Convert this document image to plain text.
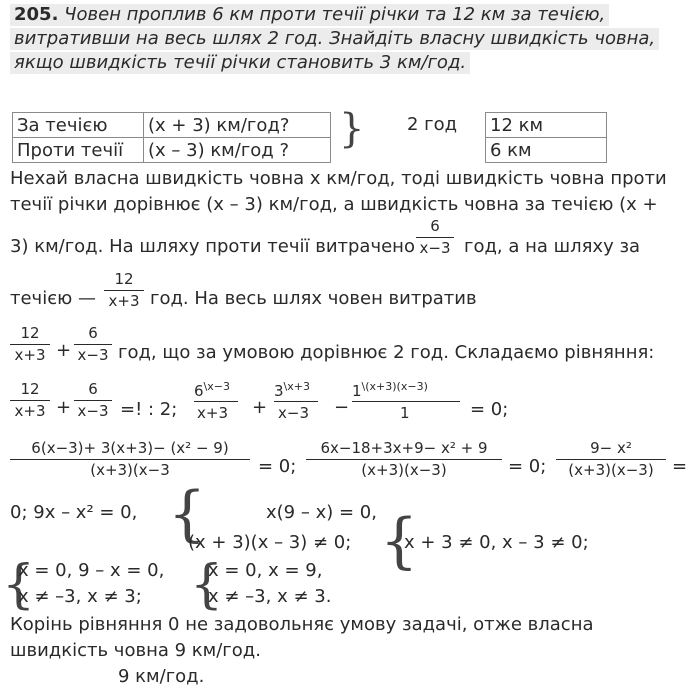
205. Човен проплив 6 км проти течії річки та 12 км за течією,
витративши на весь шлях 2 год. Знайдіть власну швидкість човна,
якщо швидкість течії річки становить 3 км/год.
За течією	(х + 3) км/год?	} 2 год	12 км
Проти течії	(х – 3) км/год ?		6 км
Нехай власна швидкість човна х км/год, тоді швидкість човна проти
течії річки дорівнює (х – 3) км/год, а швидкість човна за течією (х +
3) км/год. На шляху проти течії витрачено
6
х−3 год, а на шляху за
течією —
12
х+3 год. На весь шлях човен витратив
12
х+3 +
6
х−3 год, що за умовою дорівнює 2 год. Складаємо рівняння:
12
х+3 +
6
х−3 =! : 2;
$6^{\backslash х-3}$
х+3 +
$3^{\backslash х+3}$
х−3 −
$1^{\backslash(х+3)(х-3)}$
1	= 0;
6(х−3)+ 3(х+3)− (х² − 9)
(х+3)(х−3	= 0;
6х−18+3х+9− х² + 9
(х+3)(х−3)	= 0;
9− х²
(х+3)(х−3)	=
0; 9х – х² = 0, {	х(9 – х) = 0,
(х + 3)(х – 3) ≠ 0; {
х + 3 ≠ 0, х – 3 ≠ 0;
{
х = 0, 9 – х = 0,
х ≠ –3, х ≠ 3; {
х = 0, х = 9,
х ≠ –3, х ≠ 3.
Корінь рівняння 0 не задовольняє умову задачі, отже власна
швидкість човна 9 км/год.
9 км/год.
